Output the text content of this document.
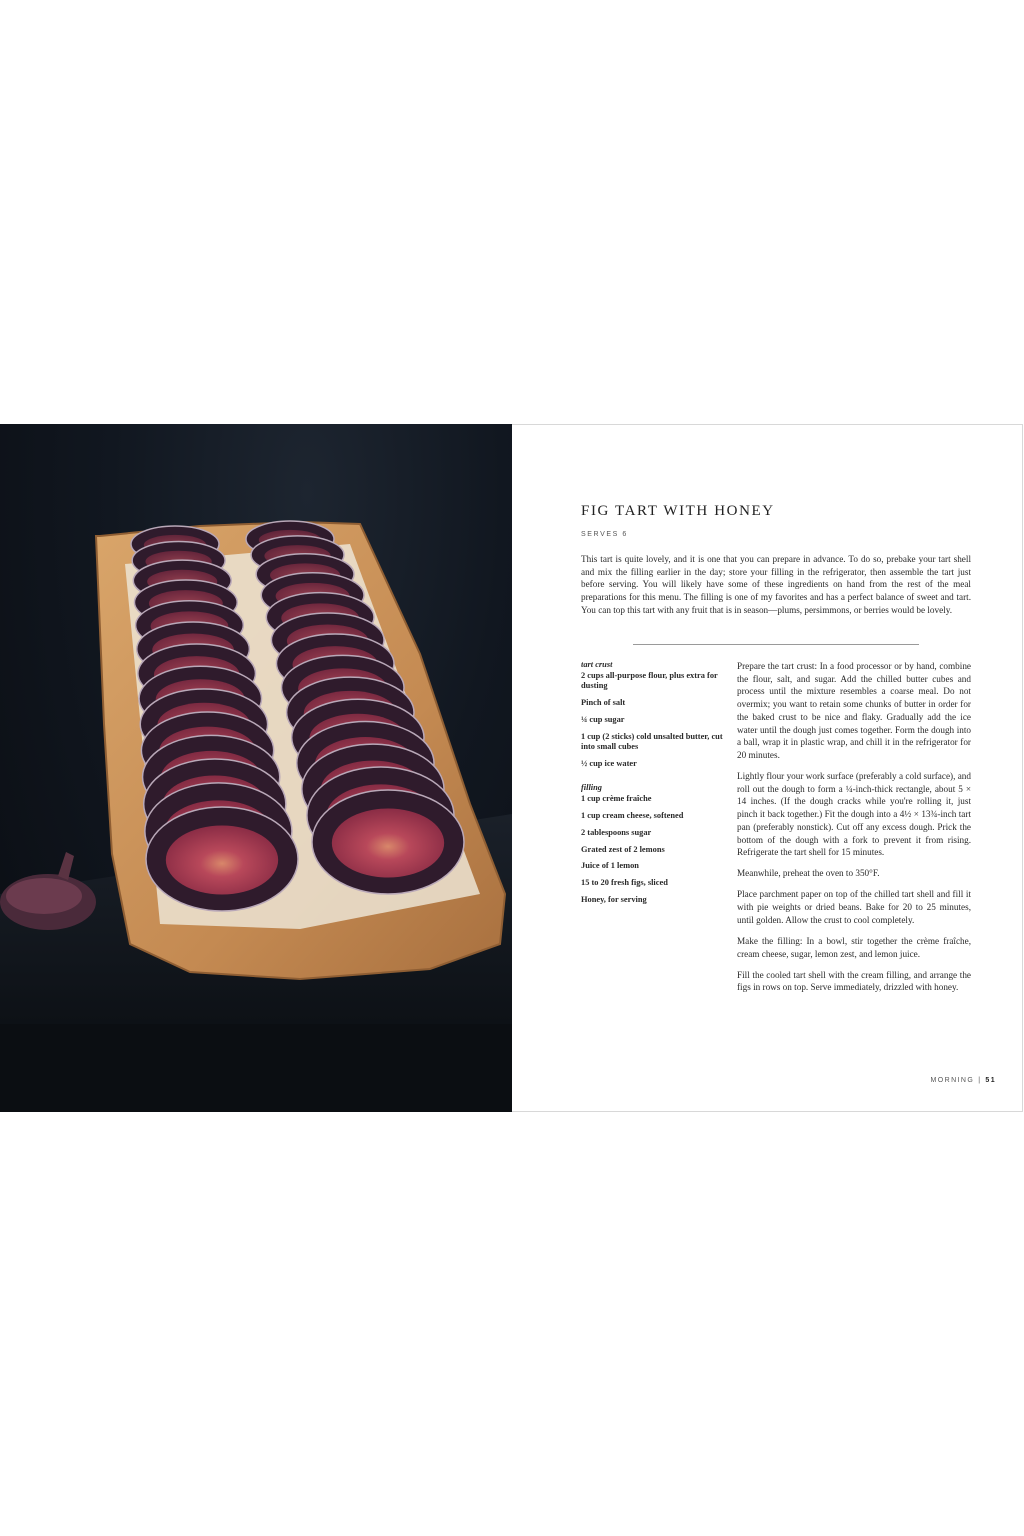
FIG TART WITH HONEY
SERVES 6

This tart is quite lovely, and it is one that you can prepare in advance. To do so, prebake your tart shell and mix the filling earlier in the day; store your filling in the refrigerator, then assemble the tart just before serving. You will likely have some of these ingredients on hand from the rest of the meal preparations for this menu. The filling is one of my favorites and has a perfect balance of sweet and tart. You can top this tart with any fruit that is in season—plums, persimmons, or berries would be lovely.

tart crust

2 cups all-purpose flour, plus extra for dusting

Pinch of salt

¼ cup sugar

1 cup (2 sticks) cold unsalted butter, cut into small cubes

½ cup ice water

filling

1 cup crème fraîche

1 cup cream cheese, softened

2 tablespoons sugar

Grated zest of 2 lemons

Juice of 1 lemon

15 to 20 fresh figs, sliced

Honey, for serving

Prepare the tart crust: In a food processor or by hand, combine the flour, salt, and sugar. Add the chilled butter cubes and process until the mixture resembles a coarse meal. Do not overmix; you want to retain some chunks of butter in order for the baked crust to be nice and flaky. Gradually add the ice water until the dough just comes together. Form the dough into a ball, wrap it in plastic wrap, and chill it in the refrigerator for 20 minutes.

Lightly flour your work surface (preferably a cold surface), and roll out the dough to form a ¼-inch-thick rectangle, about 5 × 14 inches. (If the dough cracks while you're rolling it, just pinch it back together.) Fit the dough into a 4½ × 13¾-inch tart pan (preferably nonstick). Cut off any excess dough. Prick the bottom of the dough with a fork to prevent it from rising. Refrigerate the tart shell for 15 minutes.

Meanwhile, preheat the oven to 350°F.

Place parchment paper on top of the chilled tart shell and fill it with pie weights or dried beans. Bake for 20 to 25 minutes, until golden. Allow the crust to cool completely.

Make the filling: In a bowl, stir together the crème fraîche, cream cheese, sugar, lemon zest, and lemon juice.

Fill the cooled tart shell with the cream filling, and arrange the figs in rows on top. Serve immediately, drizzled with honey.

MORNING | 51
